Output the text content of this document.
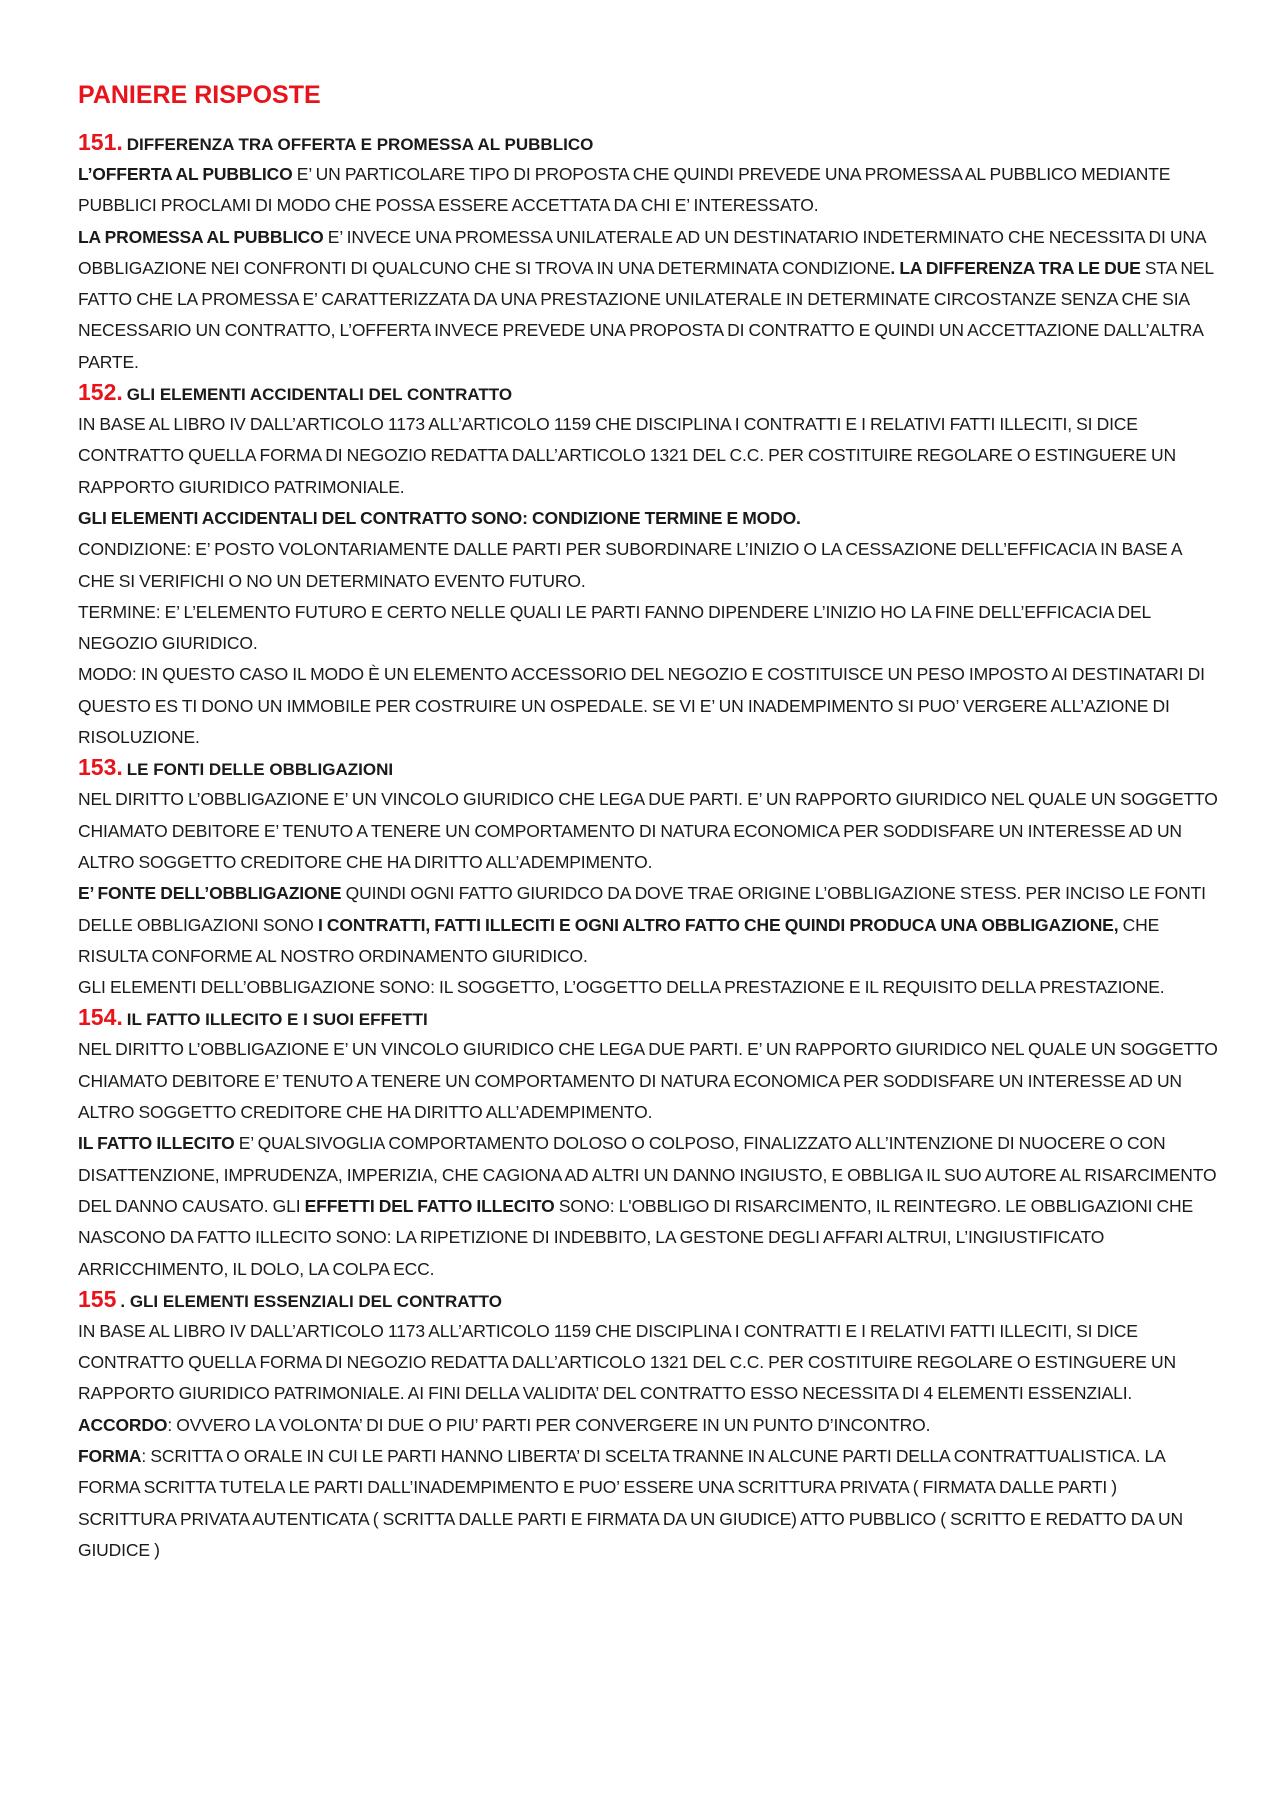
PANIERE RISPOSTE
151. DIFFERENZA TRA OFFERTA E PROMESSA AL PUBBLICO

L’OFFERTA AL PUBBLICO E’ UN PARTICOLARE TIPO DI PROPOSTA CHE QUINDI PREVEDE UNA PROMESSA AL PUBBLICO MEDIANTE PUBBLICI PROCLAMI DI MODO CHE POSSA ESSERE ACCETTATA DA CHI E’ INTERESSATO.

LA PROMESSA AL PUBBLICO E’ INVECE UNA PROMESSA UNILATERALE AD UN DESTINATARIO INDETERMINATO CHE NECESSITA DI UNA OBBLIGAZIONE NEI CONFRONTI DI QUALCUNO CHE SI TROVA IN UNA DETERMINATA CONDIZIONE. LA DIFFERENZA TRA LE DUE STA NEL FATTO CHE LA PROMESSA E’ CARATTERIZZATA DA UNA PRESTAZIONE UNILATERALE IN DETERMINATE CIRCOSTANZE SENZA CHE SIA NECESSARIO UN CONTRATTO, L’OFFERTA INVECE PREVEDE UNA PROPOSTA DI CONTRATTO E QUINDI UN ACCETTAZIONE DALL’ALTRA PARTE.

152. GLI ELEMENTI ACCIDENTALI DEL CONTRATTO

IN BASE AL LIBRO IV DALL’ARTICOLO 1173 ALL’ARTICOLO 1159 CHE DISCIPLINA I CONTRATTI E I RELATIVI FATTI ILLECITI, SI DICE CONTRATTO QUELLA FORMA DI NEGOZIO REDATTA DALL’ARTICOLO 1321 DEL C.C. PER COSTITUIRE REGOLARE O ESTINGUERE UN RAPPORTO GIURIDICO PATRIMONIALE.

GLI ELEMENTI ACCIDENTALI DEL CONTRATTO SONO: CONDIZIONE TERMINE E MODO.

CONDIZIONE: E’ POSTO VOLONTARIAMENTE DALLE PARTI PER SUBORDINARE L’INIZIO O LA CESSAZIONE DELL’EFFICACIA IN BASE A CHE SI VERIFICHI O NO UN DETERMINATO EVENTO FUTURO.

TERMINE: E’ L’ELEMENTO FUTURO E CERTO NELLE QUALI LE PARTI FANNO DIPENDERE L’INIZIO HO LA FINE DELL’EFFICACIA DEL NEGOZIO GIURIDICO.

MODO: IN QUESTO CASO IL MODO È UN ELEMENTO ACCESSORIO DEL NEGOZIO E COSTITUISCE UN PESO IMPOSTO AI DESTINATARI DI QUESTO ES TI DONO UN IMMOBILE PER COSTRUIRE UN OSPEDALE. SE VI E’ UN INADEMPIMENTO SI PUO’ VERGERE ALL’AZIONE DI RISOLUZIONE.

153. LE FONTI DELLE OBBLIGAZIONI

NEL DIRITTO L’OBBLIGAZIONE E’ UN VINCOLO GIURIDICO CHE LEGA DUE PARTI. E’ UN RAPPORTO GIURIDICO NEL QUALE UN SOGGETTO CHIAMATO DEBITORE E’ TENUTO A TENERE UN COMPORTAMENTO DI NATURA ECONOMICA PER SODDISFARE UN INTERESSE AD UN ALTRO SOGGETTO CREDITORE CHE HA DIRITTO ALL’ADEMPIMENTO.

E’ FONTE DELL’OBBLIGAZIONE QUINDI OGNI FATTO GIURIDCO DA DOVE TRAE ORIGINE L’OBBLIGAZIONE STESS. PER INCISO LE FONTI DELLE OBBLIGAZIONI SONO I CONTRATTI, FATTI ILLECITI E OGNI ALTRO FATTO CHE QUINDI PRODUCA UNA OBBLIGAZIONE, CHE RISULTA CONFORME AL NOSTRO ORDINAMENTO GIURIDICO.

GLI ELEMENTI DELL’OBBLIGAZIONE SONO: IL SOGGETTO, L’OGGETTO DELLA PRESTAZIONE E IL REQUISITO DELLA PRESTAZIONE.

154. IL FATTO ILLECITO E I SUOI EFFETTI

NEL DIRITTO L’OBBLIGAZIONE E’ UN VINCOLO GIURIDICO CHE LEGA DUE PARTI. E’ UN RAPPORTO GIURIDICO NEL QUALE UN SOGGETTO CHIAMATO DEBITORE E’ TENUTO A TENERE UN COMPORTAMENTO DI NATURA ECONOMICA PER SODDISFARE UN INTERESSE AD UN ALTRO SOGGETTO CREDITORE CHE HA DIRITTO ALL’ADEMPIMENTO.

IL FATTO ILLECITO E’ QUALSIVOGLIA COMPORTAMENTO DOLOSO O COLPOSO, FINALIZZATO ALL’INTENZIONE DI NUOCERE O CON DISATTENZIONE, IMPRUDENZA, IMPERIZIA, CHE CAGIONA AD ALTRI UN DANNO INGIUSTO, E OBBLIGA IL SUO AUTORE AL RISARCIMENTO DEL DANNO CAUSATO. GLI EFFETTI DEL FATTO ILLECITO SONO: L'OBBLIGO DI RISARCIMENTO, IL REINTEGRO. LE OBBLIGAZIONI CHE NASCONO DA FATTO ILLECITO SONO: LA RIPETIZIONE DI INDEBBITO, LA GESTONE DEGLI AFFARI ALTRUI, L’INGIUSTIFICATO ARRICCHIMENTO, IL DOLO, LA COLPA ECC.

155 . GLI ELEMENTI ESSENZIALI DEL CONTRATTO

IN BASE AL LIBRO IV DALL’ARTICOLO 1173 ALL’ARTICOLO 1159 CHE DISCIPLINA I CONTRATTI E I RELATIVI FATTI ILLECITI, SI DICE CONTRATTO QUELLA FORMA DI NEGOZIO REDATTA DALL’ARTICOLO 1321 DEL C.C. PER COSTITUIRE REGOLARE O ESTINGUERE UN RAPPORTO GIURIDICO PATRIMONIALE. AI FINI DELLA VALIDITA’ DEL CONTRATTO ESSO NECESSITA DI 4 ELEMENTI ESSENZIALI.

ACCORDO: OVVERO LA VOLONTA’ DI DUE O PIU’ PARTI PER CONVERGERE IN UN PUNTO D’INCONTRO.

FORMA: SCRITTA O ORALE IN CUI LE PARTI HANNO LIBERTA’ DI SCELTA TRANNE IN ALCUNE PARTI DELLA CONTRATTUALISTICA. LA FORMA SCRITTA TUTELA LE PARTI DALL’INADEMPIMENTO E PUO’ ESSERE UNA SCRITTURA PRIVATA ( FIRMATA DALLE PARTI ) SCRITTURA PRIVATA AUTENTICATA ( SCRITTA DALLE PARTI E FIRMATA DA UN GIUDICE) ATTO PUBBLICO ( SCRITTO E REDATTO DA UN GIUDICE )
